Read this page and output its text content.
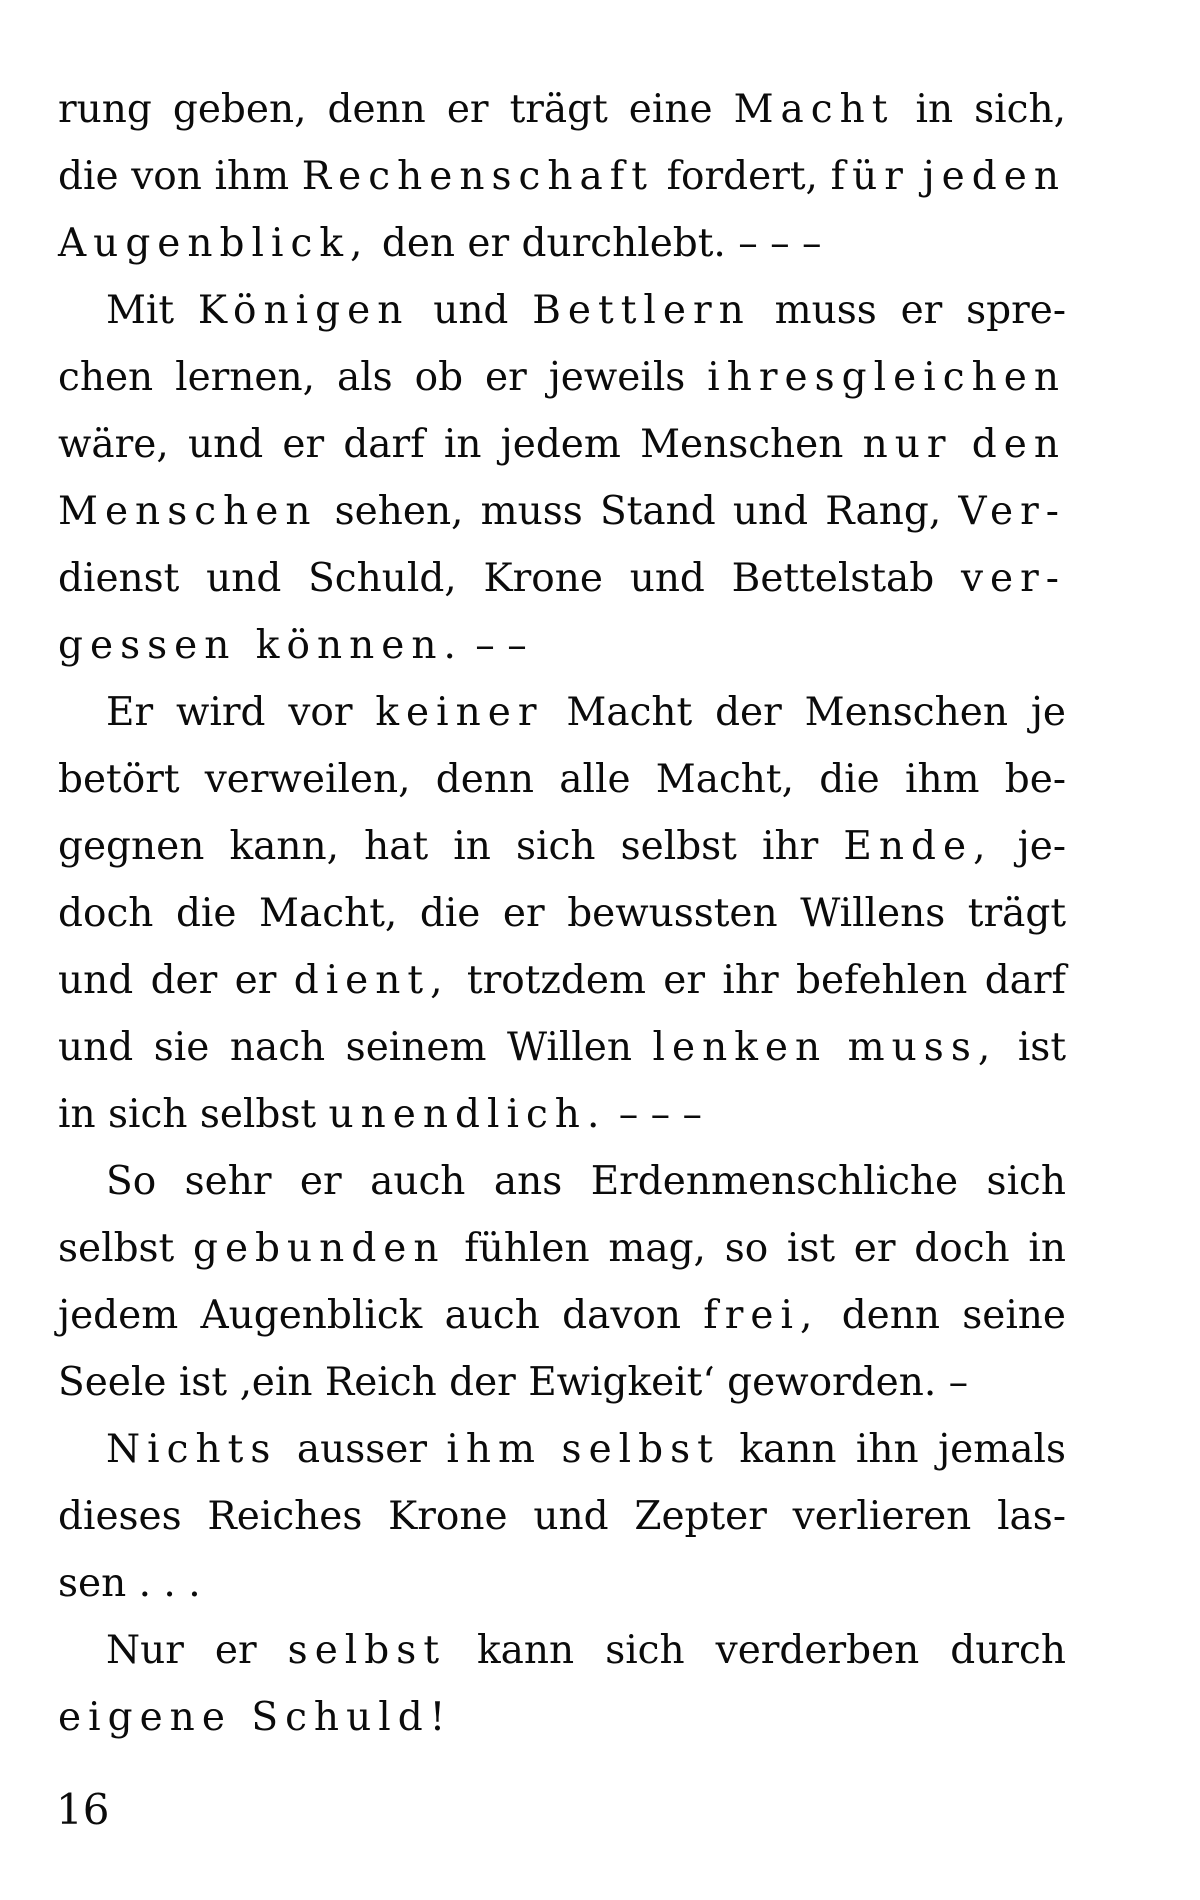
rung geben, denn er trägt eine Macht in sich,
die von ihm Rechenschaft fordert, für jeden
Augenblick, den er durchlebt. – – –
Mit Königen und Bettlern muss er spre-
chen lernen, als ob er jeweils ihresgleichen
wäre, und er darf in jedem Menschen nur den
Menschen sehen, muss Stand und Rang, Ver-
dienst und Schuld, Krone und Bettelstab ver-
gessen können. – –
Er wird vor keiner Macht der Menschen je
betört verweilen, denn alle Macht, die ihm be-
gegnen kann, hat in sich selbst ihr Ende, je-
doch die Macht, die er bewussten Willens trägt
und der er dient, trotzdem er ihr befehlen darf
und sie nach seinem Willen lenken muss, ist
in sich selbst unendlich. – – –
So sehr er auch ans Erdenmenschliche sich
selbst gebunden fühlen mag, so ist er doch in
jedem Augenblick auch davon frei, denn seine
Seele ist ‚ein Reich der Ewigkeit‘ geworden. –
Nichts ausser ihm selbst kann ihn jemals
dieses Reiches Krone und Zepter verlieren las-
sen . . .
Nur er selbst kann sich verderben durch
eigene Schuld!
16
